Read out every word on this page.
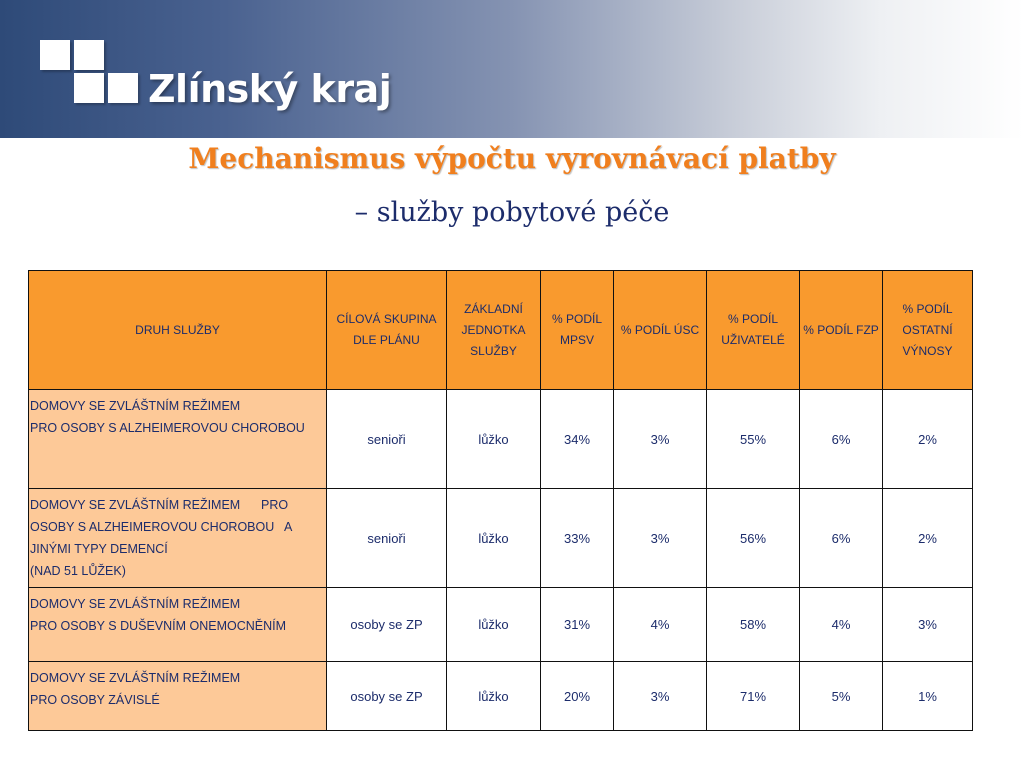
Zlínský kraj
Mechanismus výpočtu vyrovnávací platby
– služby pobytové péče
DRUH SLUŽBY	CÍLOVÁ SKUPINA DLE PLÁNU	ZÁKLADNÍ JEDNOTKA SLUŽBY	% PODÍL MPSV	% PODÍL ÚSC	% PODÍL UŽIVATELÉ	% PODÍL FZP	% PODÍL OSTATNÍ VÝNOSY

DOMOVY SE ZVLÁŠTNÍM REŽIMEM
PRO OSOBY S ALZHEIMEROVOU CHOROBOU	senioři	lůžko	34%	3%	55%	6%	2%

DOMOVY SE ZVLÁŠTNÍM REŽIMEM      PRO
OSOBY S ALZHEIMEROVOU CHOROBOU   A
JINÝMI TYPY DEMENCÍ
(NAD 51 LŮŽEK)	senioři	lůžko	33%	3%	56%	6%	2%

DOMOVY SE ZVLÁŠTNÍM REŽIMEM
PRO OSOBY S DUŠEVNÍM ONEMOCNĚNÍM	osoby se ZP	lůžko	31%	4%	58%	4%	3%

DOMOVY SE ZVLÁŠTNÍM REŽIMEM
PRO OSOBY ZÁVISLÉ	osoby se ZP	lůžko	20%	3%	71%	5%	1%
